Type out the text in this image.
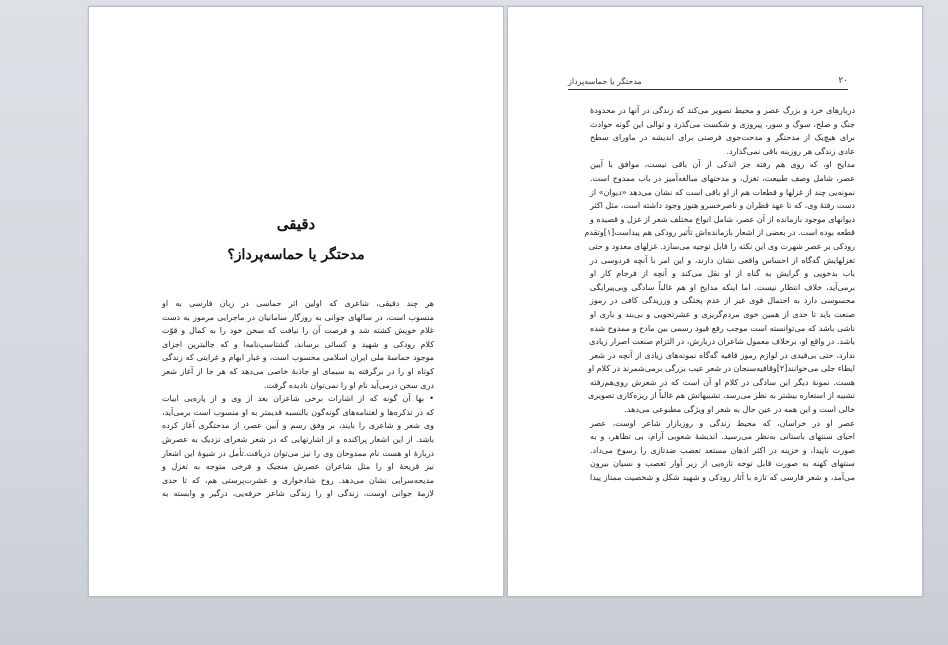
دقیقی
مدحتگر یا حماسه‌پرداز؟

هر چند دقیقی، شاعری که اولین اثر حماسی در زبان فارسی به او

منسوب است، در سالهای جوانی به روزگار سامانیان در ماجرایی مرموز به دست

غلام خویش کشته شد و فرصت آن را نیافت که سخن خود را به کمال و قوّت

کلام رودکی و شهید و کسائی برساند، گشتاسپ‌نامه‌ا و که جالبترین اجزای

موجود حماسهٔ ملی ایران اسلامی محسوب است، و غبار ابهام و غرابتی که زندگی

کوتاه او را در برگرفته به سیمای او جاذبهٔ خاصی می‌دهد که هر جا از آغاز شعر

دری سخن درمی‌آید نام او را نمی‌توان نادیده گرفت.

• بها آن گونه که از اشارات برخی شاعران بعد از وی و از پاره‌یی ابیات

که در تذکره‌ها و لغتنامه‌های گونه‌گون بالنسبه قدیمتر به او منسوب است برمی‌آید،

وی شعر و شاعری را بایند، بر وفق رسم و آیین عصر، از مدحتگری آغاز کرده

باشد. از این اشعار پراکنده و از اشارتهایی که در شعر شعرای نزدیک به عصرش

دربارهٔ او هست نام ممدوحان وی را نیز می‌توان دریافت.تأمل در شیوهٔ این اشعار

نیز قریحهٔ او را مثل شاعران عصرش منجیک و فرخی متوجه به تغزل و

مدیحه‌سرایی نشان می‌دهد. روح شادخواری و عشرت‌پرستی هم، که تا حدی

لازمهٔ جوانی اوست، زندگی او را زندگی شاعر حرفه‌یی، درگیر و وابسته به

مدحتگر یا حماسه‌پرداز	۲۰

دربارهای خرد و بزرگ عصر و محیط تصویر می‌کند که زندگی در آنها در محدودهٔ

جنگ و صلح، سوگ و سور، پیروزی و شکست می‌گذرد و توالی این گونه حوادث

برای هیچ‌یک از مدحتگر و مدحت‌جوی فرصتی برای اندیشه در ماورای سطح

عادی زندگی هر روزینه باقی نمی‌گذارد.

مدایح او، که روی هم رفته جز اندکی از آن باقی نیست، موافق با آیین

عصر، شامل وصف طبیعت، تغزل، و مدحتهای مبالغه‌آمیز در باب ممدوح است.

نمونه‌یی چند از غزلها و قطعات هم از او باقی است که نشان می‌دهد «دیوان» از

دست رفتهٔ وی، که تا عهد قطران و ناصرخسرو هنوز وجود داشته است، مثل اکثر

دیوانهای موجود بازمانده از آن عصر، شامل انواع مختلف شعر از غزل و قصیده و

قطعه بوده است. در بعضی از اشعار بازمانده‌اش تأثیر رودکی هم پیداست[۱]وتقدم

رودکی بر عصر شهرت وی این نکته را قابل توجیه می‌سازد. غزلهای معدود و حتی

تغزلهایش گه‌گاه از احساس واقعی نشان دارند، و این امر با آنچه فردوسی در

باب بدخویی و گرایش به گناه از او نقل می‌کند و آنچه از فرجام کار او

برمی‌آید، خلاف انتظار نیست. اما اینکه مدایح او هم غالباً سادگی وبی‌پیرایگی

محسوسی دارد به احتمال قوی غیر از عدم پختگی و ورزیدگی کافی در رموز

صنعت باید تا حدی از همین خوی مردم‌گریزی و عشرتجویی و بی‌بند و باری او

ناشی باشد که می‌توانسته است موجب رفع قیود رسمی بین مادح و ممدوح شده

باشد. در واقع او، برخلاف معمول شاعران دربارش، در التزام صنعت اصرار زیادی

ندارد، حتی بی‌قیدی در لوازم رموز قافیه گه‌گاه نمونه‌های زیادی از آنچه در شعر

ایطاء جلی می‌خوانند[۲]وقافیه‌سنجان در شعر عیب بزرگی برمی‌شمرند در کلام او

هست. نمونهٔ دیگر این سادگی در کلام او آن است که در شعرش روی‌هم‌رفته

تشبیه از استعاره بیشتر به نظر می‌رسد، تشبیهاتش هم غالباً از ریزه‌کاری تصویری

خالی است و این همه در عین حال به شعر او ویژگی مطبوعی می‌دهد.

عصر او در خراسان، که محیط زندگی و روزبازار شاعر اوست، عصر

احیای سنتهای باستانی به‌نظر می‌رسید. اندیشهٔ شعوبی آرام، بی تظاهر، و به

صورت ناپیدا، و خزینه در اکثر اذهان مستعد تعصب ضدتازی را رسوخ می‌داد.

سنتهای کهنه به صورت قابل توجه تازه‌یی از زیر آوار تعصب و نسیان بیرون

می‌آمد، و شعر فارسی که تازه با آثار رودکی و شهید شکل و شخصیت ممتاز پیدا
